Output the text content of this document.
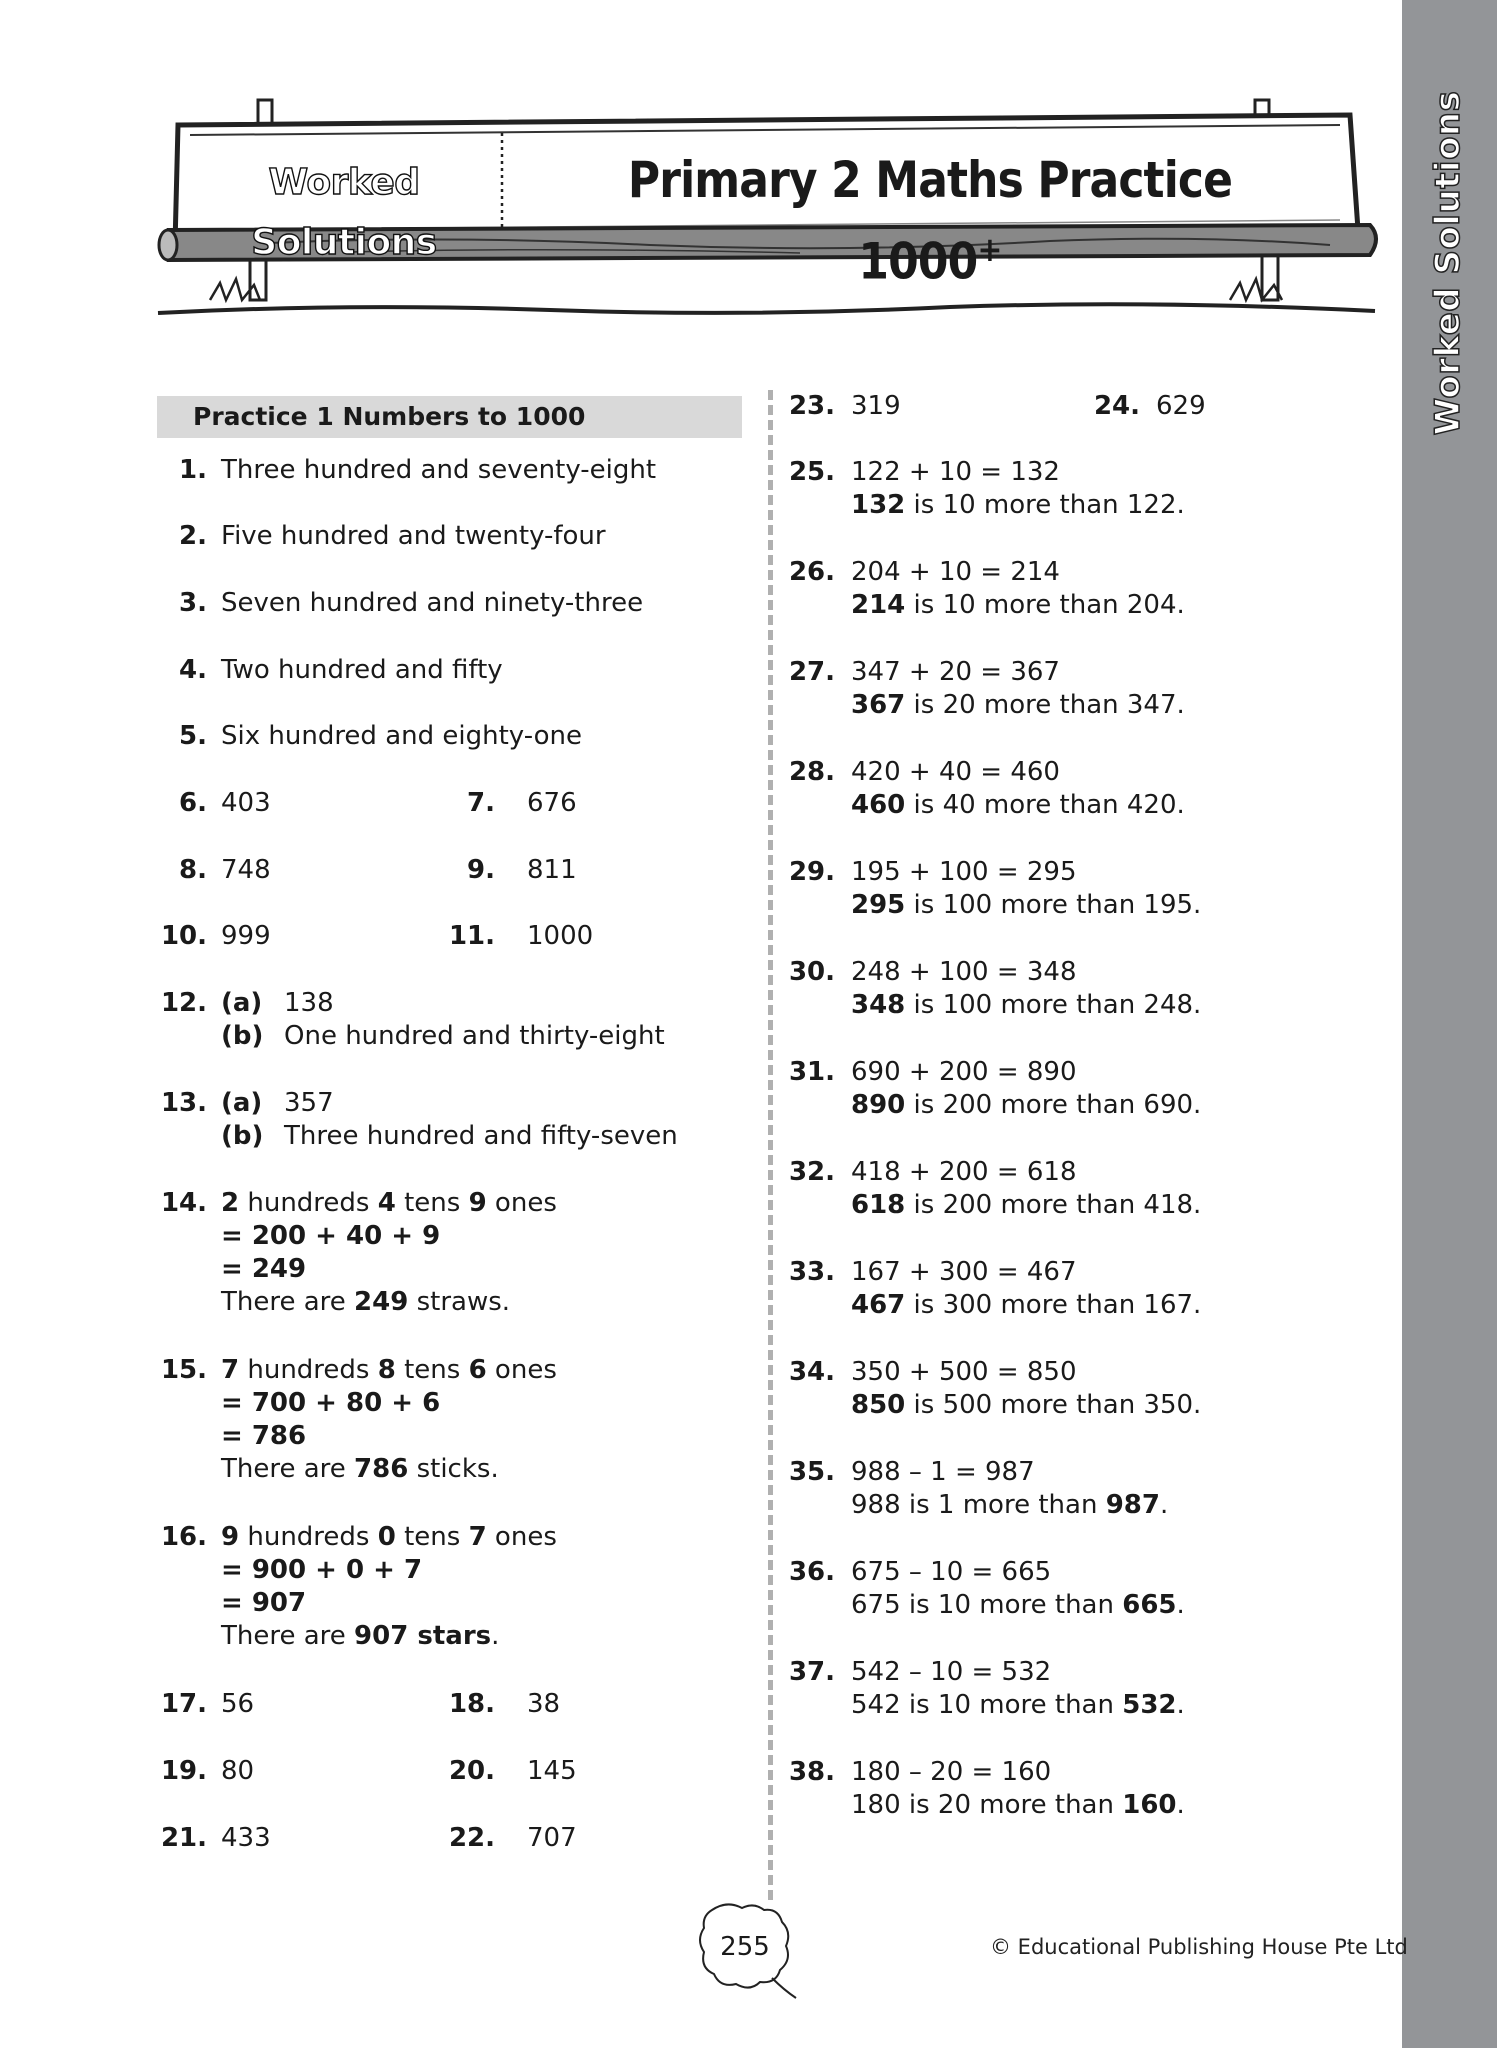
Worked Solutions
Worked Solutions
Primary 2 Maths Practice 1000+
Practice 1 Numbers to 1000
1. Three hundred and seventy-eight
2. Five hundred and twenty-four
3. Seven hundred and ninety-three
4. Two hundred and fifty
5. Six hundred and eighty-one
6. 403	7. 676
8. 748	9. 811
10. 999	11. 1000
12. (a) 138
(b) One hundred and thirty-eight
13. (a) 357
(b) Three hundred and fifty-seven
14. 2 hundreds 4 tens 9 ones
= 200 + 40 + 9
= 249
There are 249 straws.
15. 7 hundreds 8 tens 6 ones
= 700 + 80 + 6
= 786
There are 786 sticks.
16. 9 hundreds 0 tens 7 ones
= 900 + 0 + 7
= 907
There are 907 stars.
17. 56	18. 38
19. 80	20. 145
21. 433	22. 707
23. 319	24. 629
25. 122 + 10 = 132
132 is 10 more than 122.
26. 204 + 10 = 214
214 is 10 more than 204.
27. 347 + 20 = 367
367 is 20 more than 347.
28. 420 + 40 = 460
460 is 40 more than 420.
29. 195 + 100 = 295
295 is 100 more than 195.
30. 248 + 100 = 348
348 is 100 more than 248.
31. 690 + 200 = 890
890 is 200 more than 690.
32. 418 + 200 = 618
618 is 200 more than 418.
33. 167 + 300 = 467
467 is 300 more than 167.
34. 350 + 500 = 850
850 is 500 more than 350.
35. 988 – 1 = 987
988 is 1 more than 987.
36. 675 – 10 = 665
675 is 10 more than 665.
37. 542 – 10 = 532
542 is 10 more than 532.
38. 180 – 20 = 160
180 is 20 more than 160.
255	© Educational Publishing House Pte Ltd
